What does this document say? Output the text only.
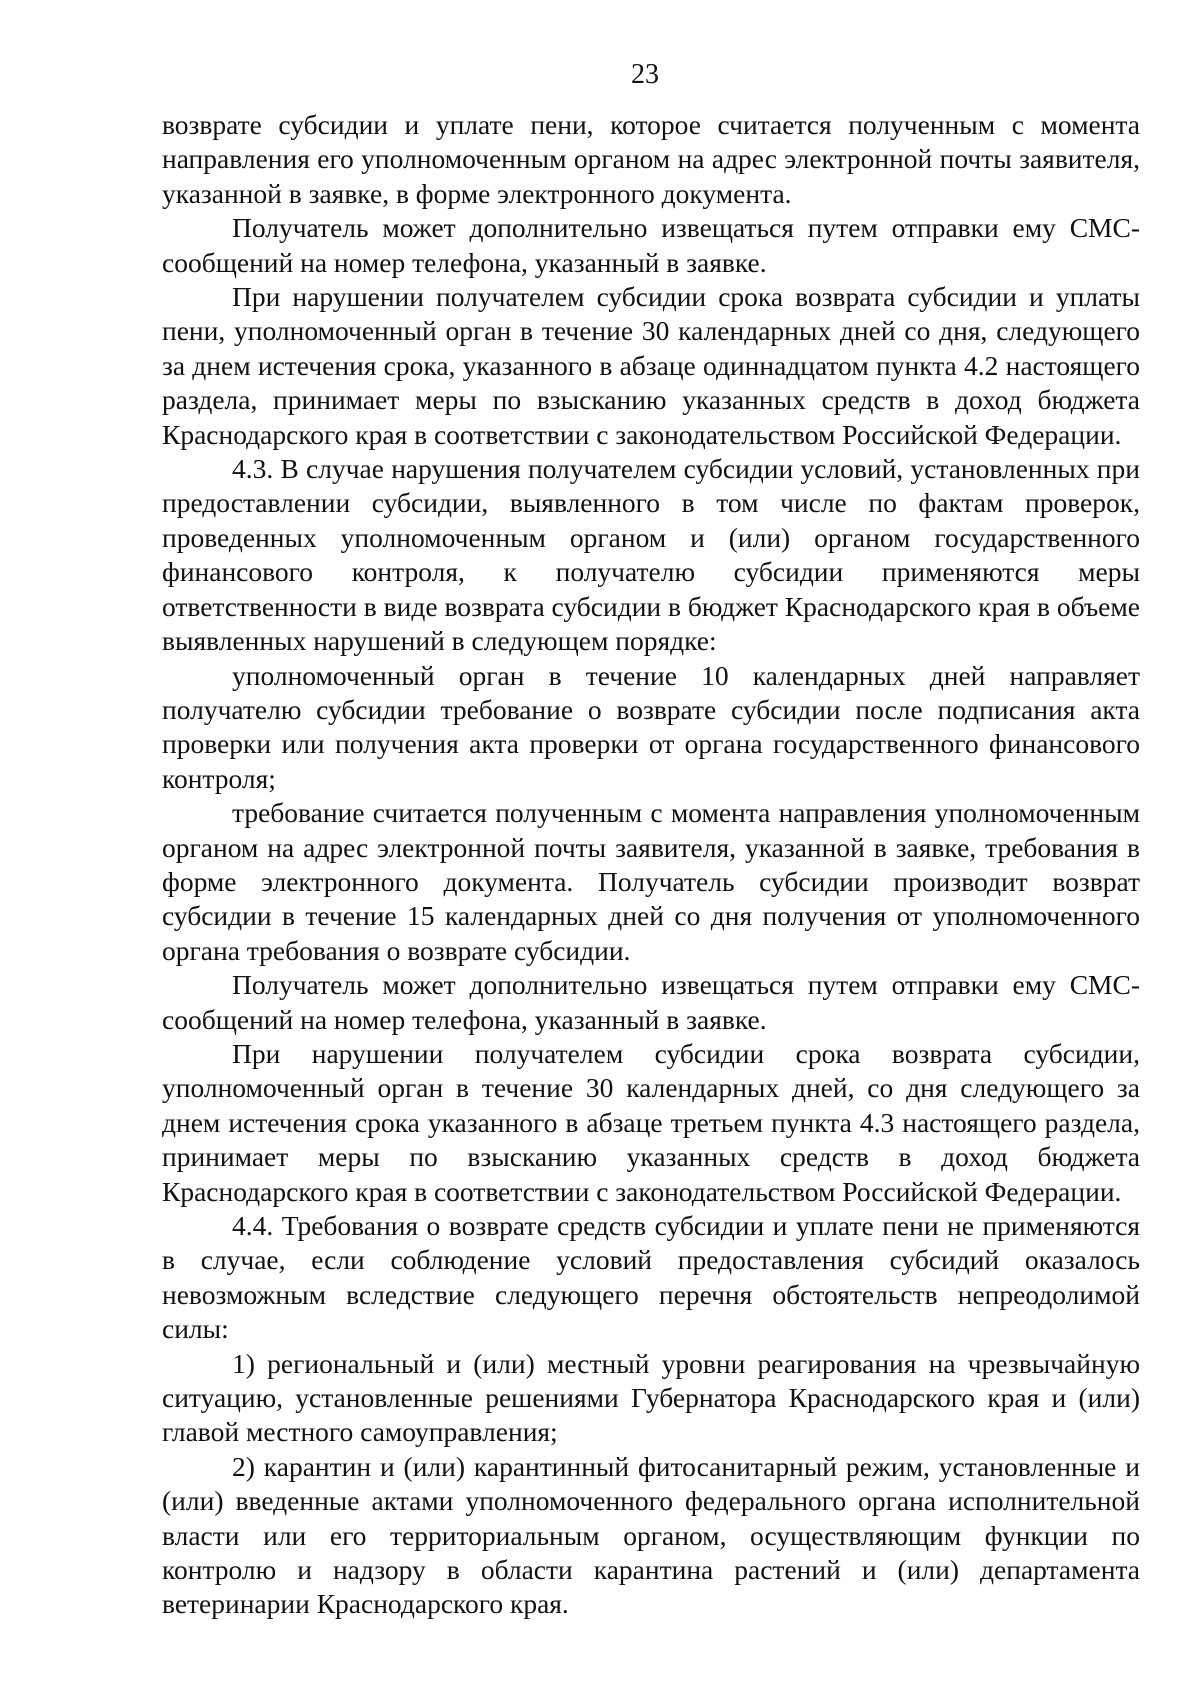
23

возврате субсидии и уплате пени, которое считается полученным с момента направления его уполномоченным органом на адрес электронной почты заявителя, указанной в заявке, в форме электронного документа.

Получатель может дополнительно извещаться путем отправки ему СМС-сообщений на номер телефона, указанный в заявке.

При нарушении получателем субсидии срока возврата субсидии и уплаты пени, уполномоченный орган в течение 30 календарных дней со дня, следующего за днем истечения срока, указанного в абзаце одиннадцатом пункта 4.2 настоящего раздела, принимает меры по взысканию указанных средств в доход бюджета Краснодарского края в соответствии с законодательством Российской Федерации.

4.3. В случае нарушения получателем субсидии условий, установленных при предоставлении субсидии, выявленного в том числе по фактам проверок, проведенных уполномоченным органом и (или) органом государственного финансового контроля, к получателю субсидии применяются меры ответственности в виде возврата субсидии в бюджет Краснодарского края в объеме выявленных нарушений в следующем порядке:

уполномоченный орган в течение 10 календарных дней направляет получателю субсидии требование о возврате субсидии после подписания акта проверки или получения акта проверки от органа государственного финансового контроля;

требование считается полученным с момента направления уполномоченным органом на адрес электронной почты заявителя, указанной в заявке, требования в форме электронного документа. Получатель субсидии производит возврат субсидии в течение 15 календарных дней со дня получения от уполномоченного органа требования о возврате субсидии.

Получатель может дополнительно извещаться путем отправки ему СМС-сообщений на номер телефона, указанный в заявке.

При нарушении получателем субсидии срока возврата субсидии, уполномоченный орган в течение 30 календарных дней, со дня следующего за днем истечения срока указанного в абзаце третьем пункта 4.3 настоящего раздела, принимает меры по взысканию указанных средств в доход бюджета Краснодарского края в соответствии с законодательством Российской Федерации.

4.4. Требования о возврате средств субсидии и уплате пени не применяются в случае, если соблюдение условий предоставления субсидий оказалось невозможным вследствие следующего перечня обстоятельств непреодолимой силы:

1) региональный и (или) местный уровни реагирования на чрезвычайную ситуацию, установленные решениями Губернатора Краснодарского края и (или) главой местного самоуправления;

2) карантин и (или) карантинный фитосанитарный режим, установленные и (или) введенные актами уполномоченного федерального органа исполнительной власти или его территориальным органом, осуществляющим функции по контролю и надзору в области карантина растений и (или) департамента ветеринарии Краснодарского края.
